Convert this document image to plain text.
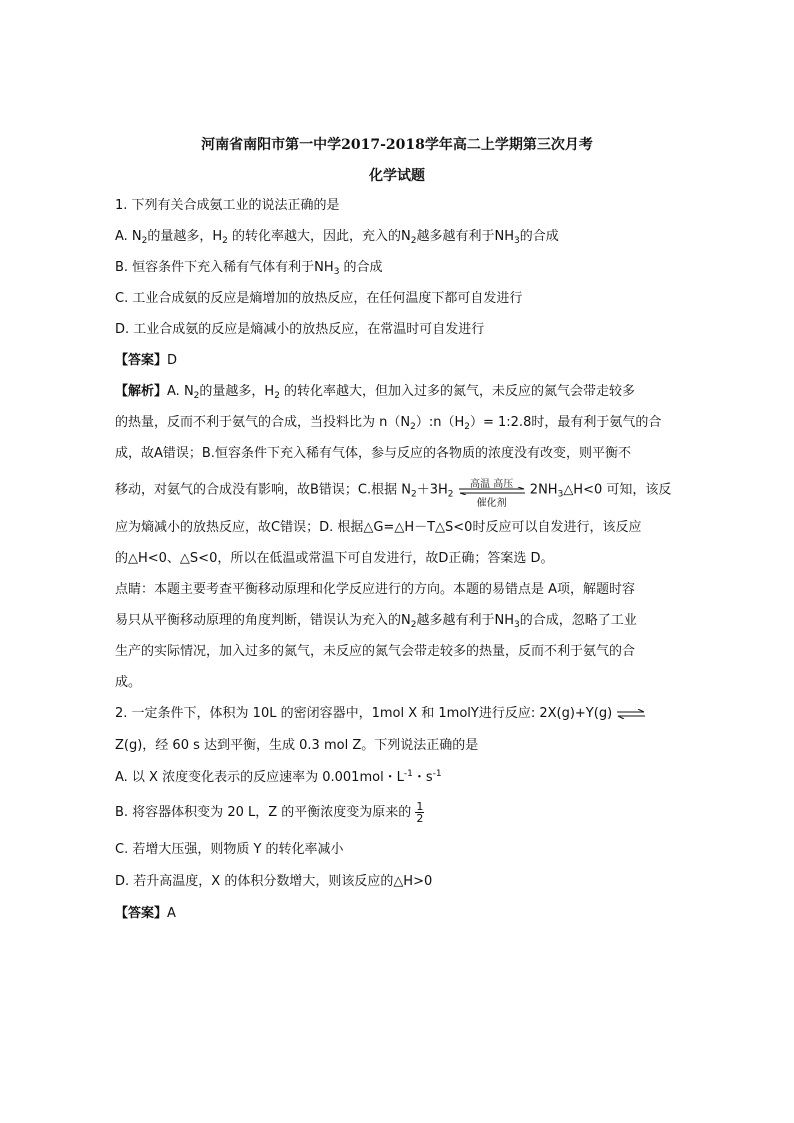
河南省南阳市第一中学2017-2018学年高二上学期第三次月考
化学试题
1. 下列有关合成氨工业的说法正确的是
A. $N_2$的量越多，$H_2$ 的转化率越大，因此，充入的$N_2$越多越有利于$NH_3$的合成
B. 恒容条件下充入稀有气体有利于$NH_3$ 的合成
C. 工业合成氨的反应是熵增加的放热反应，在任何温度下都可自发进行
D. 工业合成氨的反应是熵减小的放热反应，在常温时可自发进行
【答案】D
【解析】A. $N_2$的量越多，$H_2$ 的转化率越大，但加入过多的氮气，未反应的氮气会带走较多
的热量，反而不利于氨气的合成，当投料比为 $n(N_2):n(H_2)=$ 1:2.8时，最有利于氨气的合
成，故A错误；B.恒容条件下充入稀有气体，参与反应的各物质的浓度没有改变，则平衡不
移动，对氨气的合成没有影响，故B错误；C.根据 $N_2+3H_2$
高温 高压
催化剂
$2NH_3\triangle H<0$ 可知，该反
应为熵减小的放热反应，故C错误；D. 根据△G=△H－T△S<0时反应可以自发进行，该反应
的△H<0、△S<0，所以在低温或常温下可自发进行，故D正确；答案选 D。
点睛：本题主要考查平衡移动原理和化学反应进行的方向。本题的易错点是 A项，解题时容
易只从平衡移动原理的角度判断，错误认为充入的$N_2$越多越有利于$NH_3$的合成，忽略了工业
生产的实际情况，加入过多的氮气，未反应的氮气会带走较多的热量，反而不利于氨气的合
成。
2. 一定条件下，体积为 10L 的密闭容器中，1mol X 和 1molY进行反应: 2X(g)+Y(g) ⇌
Z(g)，经 60 s 达到平衡，生成 0.3 mol Z。下列说法正确的是
A. 以 X 浓度变化表示的反应速率为 0.001mol・$L^{-1}$・$s^{-1}$
B. 将容器体积变为 20 L，Z 的平衡浓度变为原来的 $\frac{1}{2}$
C. 若增大压强，则物质 Y 的转化率减小
D. 若升高温度，X 的体积分数增大，则该反应的△H>0
【答案】A
